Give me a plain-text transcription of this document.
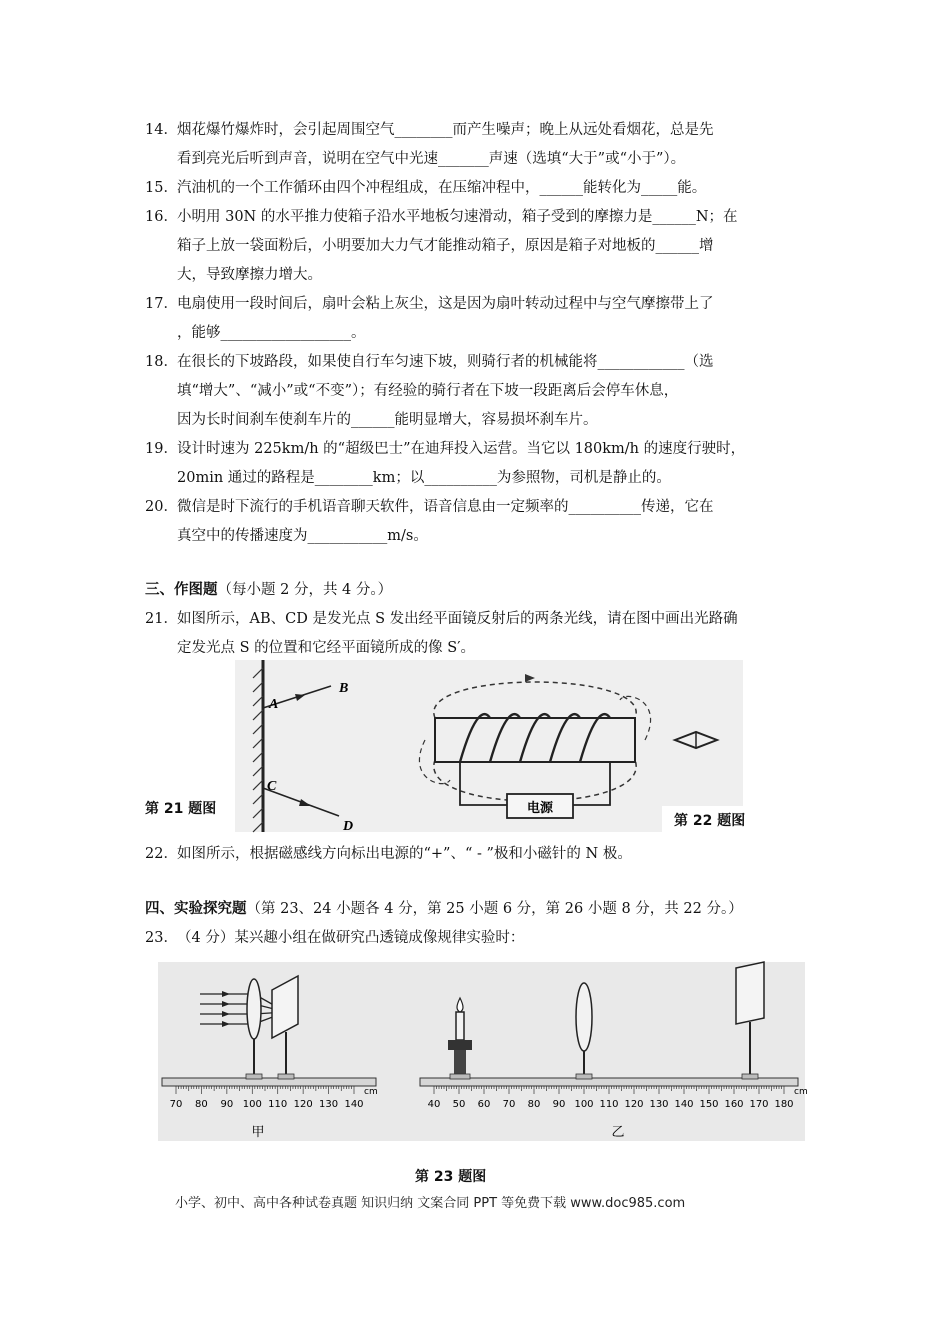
14．烟花爆竹爆炸时，会引起周围空气________而产生噪声；晚上从远处看烟花，总是先
看到亮光后听到声音，说明在空气中光速_______声速（选填“大于”或“小于”）。
15．汽油机的一个工作循环由四个冲程组成，在压缩冲程中，______能转化为_____能。
16．小明用 30N 的水平推力使箱子沿水平地板匀速滑动，箱子受到的摩擦力是______N；在
箱子上放一袋面粉后，小明要加大力气才能推动箱子，原因是箱子对地板的______增
大，导致摩擦力增大。
17．电扇使用一段时间后，扇叶会粘上灰尘，这是因为扇叶转动过程中与空气摩擦带上了
，能够__________________。
18．在很长的下坡路段，如果使自行车匀速下坡，则骑行者的机械能将____________（选
填“增大”、“减小”或“不变”）；有经验的骑行者在下坡一段距离后会停车休息，
因为长时间刹车使刹车片的______能明显增大，容易损坏刹车片。
19．设计时速为 225km/h 的“超级巴士”在迪拜投入运营。当它以 180km/h 的速度行驶时，
20min 通过的路程是________km；以__________为参照物，司机是静止的。
20．微信是时下流行的手机语音聊天软件，语音信息由一定频率的__________传递，它在
真空中的传播速度为___________m/s。
三、作图题（每小题 2 分，共 4 分。）
21．如图所示，AB、CD 是发光点 S 发出经平面镜反射后的两条光线，请在图中画出光路确
定发光点 S 的位置和它经平面镜所成的像 S′。
A
B
C
D
电源
第 21 题图
第 22 题图
22．如图所示，根据磁感线方向标出电源的“+”、“ - ”极和小磁针的 N 极。
四、实验探究题（第 23、24 小题各 4 分，第 25 小题 6 分，第 26 小题 8 分，共 22 分。）
23．（4 分）某兴趣小组在做研究凸透镜成像规律实验时：
70 80 90 100 110 120 130 140
cm
甲
40 50 60 70 80 90 100 110 120 130 140 150 160 170 180
cm
乙
第 23 题图
小学、初中、高中各种试卷真题 知识归纳 文案合同 PPT 等免费下载 www.doc985.com
